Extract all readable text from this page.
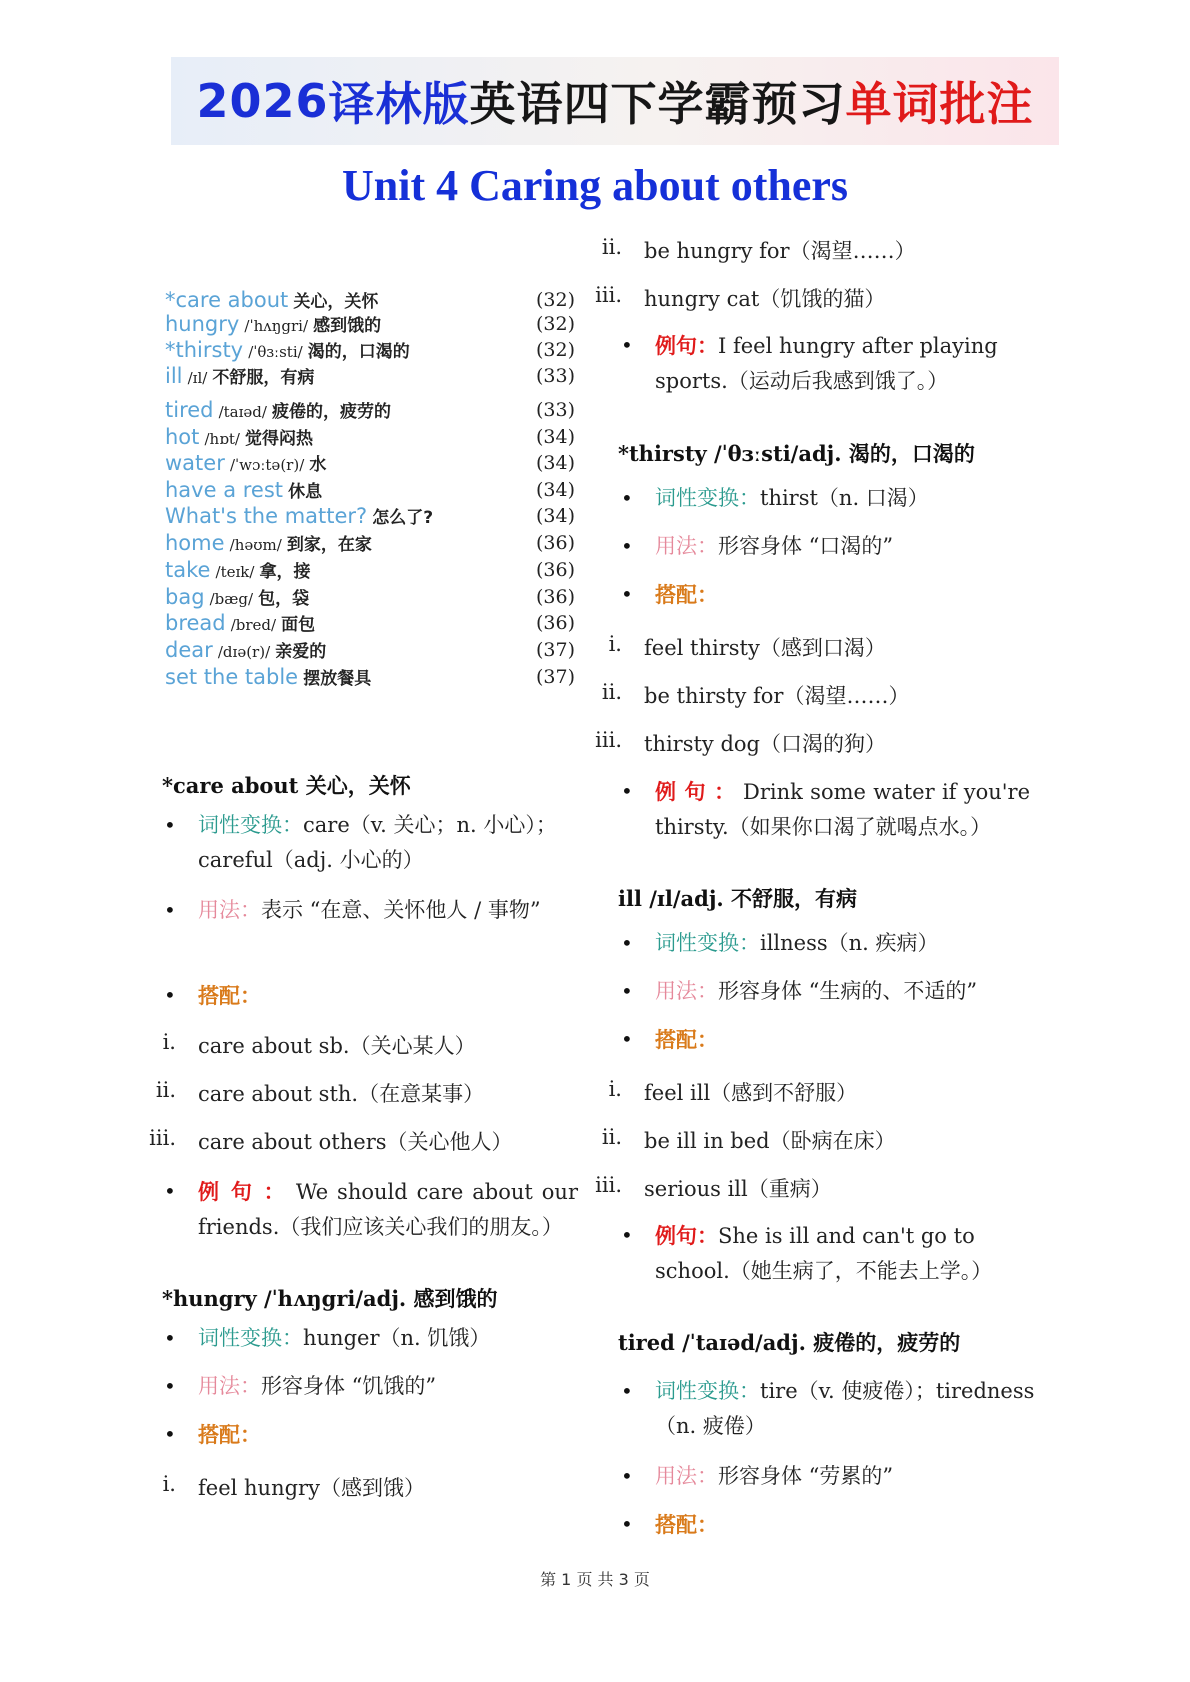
2026 译林版 英语四下学霸预习 单词批注
Unit 4 Caring about others
*care about 关心，关怀	(32)
hungry /ˈhʌŋgri/ 感到饿的	(32)
*thirsty /ˈθɜːsti/ 渴的，口渴的	(32)
ill /ɪl/ 不舒服，有病	(33)
tired /taɪəd/ 疲倦的，疲劳的	(33)
hot /hɒt/ 觉得闷热	(34)
water /ˈwɔːtə(r)/ 水	(34)
have a rest 休息	(34)
What's the matter? 怎么了?	(34)
home /həʊm/ 到家，在家	(36)
take /teɪk/ 拿，接	(36)
bag /bæg/ 包，袋	(36)
bread /bred/ 面包	(36)
dear /dɪə(r)/ 亲爱的	(37)
set the table 摆放餐具	(37)
*care about 关心，关怀
• 词性变换：care（v. 关心；n. 小心）；careful（adj. 小心的）
• 用法：表示 “在意、关怀他人 / 事物”
• 搭配：
i. care about sb.（关心某人）
ii. care about sth.（在意某事）
iii. care about others（关心他人）
• 例 句 ： We should care about our friends.（我们应该关心我们的朋友。）
*hungry /ˈhʌŋgri/adj. 感到饿的
• 词性变换：hunger（n. 饥饿）
• 用法：形容身体 “饥饿的”
• 搭配：
i. feel hungry（感到饿）
ii. be hungry for（渴望……）
iii. hungry cat（饥饿的猫）
• 例句：I feel hungry after playing sports.（运动后我感到饿了。）
*thirsty /ˈθɜːsti/adj. 渴的，口渴的
• 词性变换：thirst（n. 口渴）
• 用法：形容身体 “口渴的”
• 搭配：
i. feel thirsty（感到口渴）
ii. be thirsty for（渴望……）
iii. thirsty dog（口渴的狗）
• 例 句 ： Drink some water if you're thirsty.（如果你口渴了就喝点水。）
ill /ɪl/adj. 不舒服，有病
• 词性变换：illness（n. 疾病）
• 用法：形容身体 “生病的、不适的”
• 搭配：
i. feel ill（感到不舒服）
ii. be ill in bed（卧病在床）
iii. serious ill（重病）
• 例句：She is ill and can't go to school.（她生病了，不能去上学。）
tired /ˈtaɪəd/adj. 疲倦的，疲劳的
• 词性变换：tire（v. 使疲倦）；tiredness（n. 疲倦）
• 用法：形容身体 “劳累的”
• 搭配：
第 1 页 共 3 页
